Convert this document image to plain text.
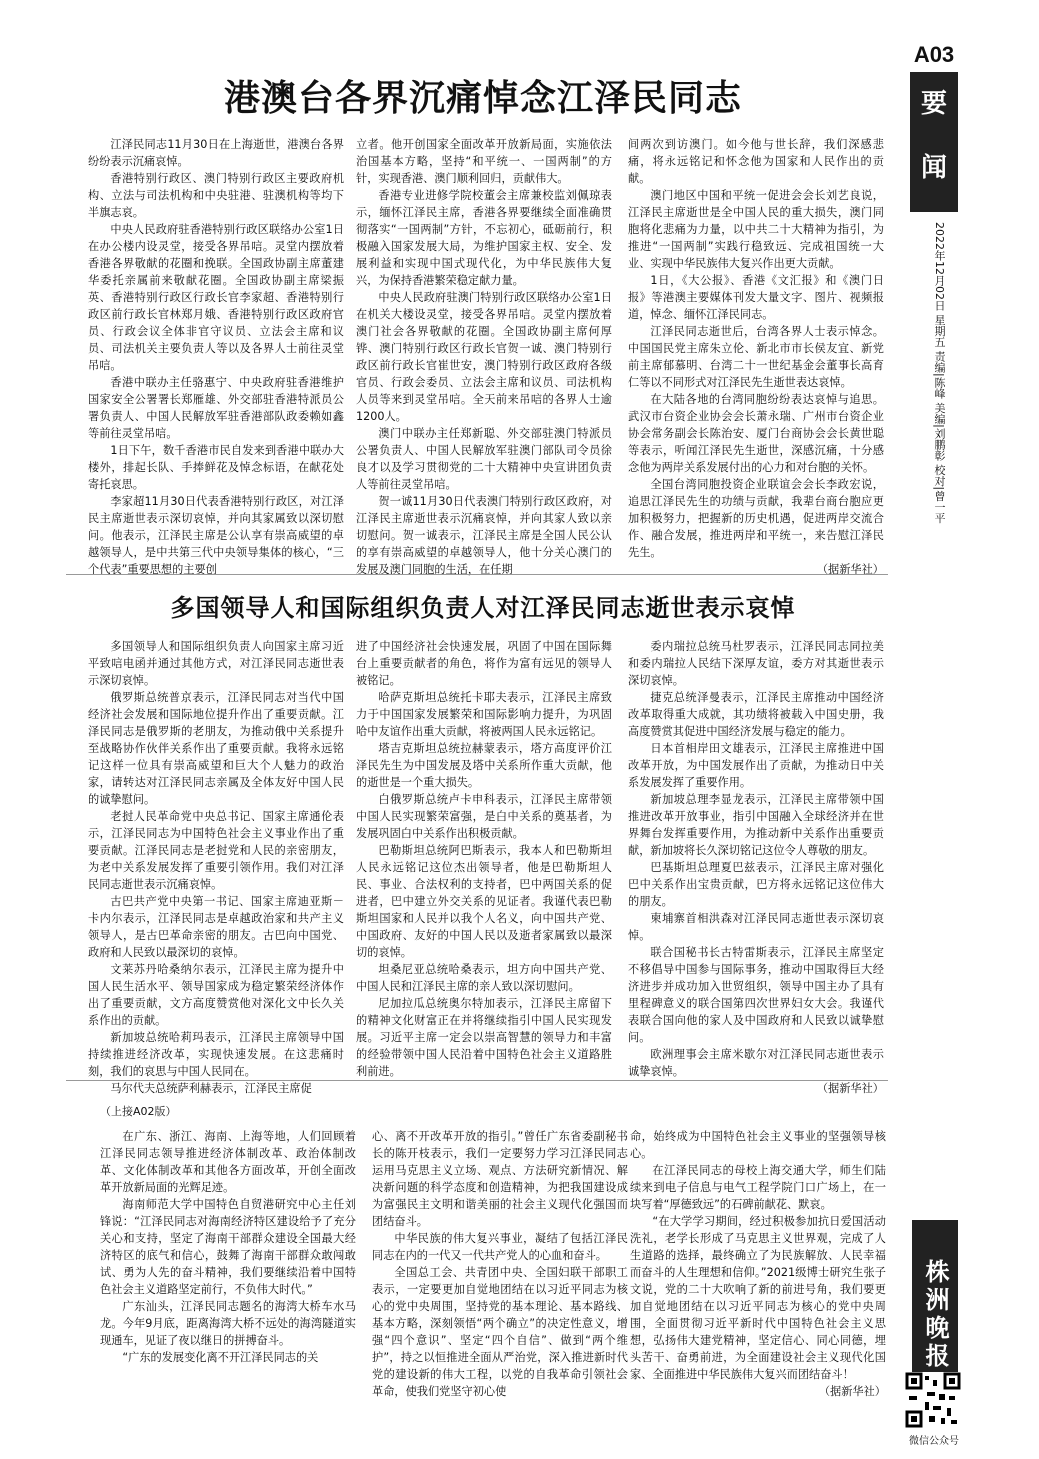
A03
要闻
2022年12月02日 星期五 责编|陈峰 美编|刘鹏彰 校对|曾一平
港澳台各界沉痛悼念江泽民同志

江泽民同志11月30日在上海逝世，港澳台各界纷纷表示沉痛哀悼。

香港特别行政区、澳门特别行政区主要政府机构、立法与司法机构和中央驻港、驻澳机构等均下半旗志哀。

中央人民政府驻香港特别行政区联络办公室1日在办公楼内设灵堂，接受各界吊唁。灵堂内摆放着香港各界敬献的花圈和挽联。全国政协副主席董建华委托亲属前来敬献花圈。全国政协副主席梁振英、香港特别行政区行政长官李家超、香港特别行政区前行政长官林郑月娥、香港特别行政区政府官员、行政会议全体非官守议员、立法会主席和议员、司法机关主要负责人等以及各界人士前往灵堂吊唁。

香港中联办主任骆惠宁、中央政府驻香港维护国家安全公署署长郑雁雄、外交部驻香港特派员公署负责人、中国人民解放军驻香港部队政委赖如鑫等前往灵堂吊唁。

1日下午，数千香港市民自发来到香港中联办大楼外，排起长队、手捧鲜花及悼念标语，在献花处寄托哀思。

李家超11月30日代表香港特别行政区，对江泽民主席逝世表示深切哀悼，并向其家属致以深切慰问。他表示，江泽民主席是公认享有崇高威望的卓越领导人，是中共第三代中央领导集体的核心，“三个代表”重要思想的主要创

立者。他开创国家全面改革开放新局面，实施依法治国基本方略，坚持“和平统一、一国两制”的方针，实现香港、澳门顺利回归，贡献伟大。

香港专业进修学院校董会主席兼校监刘佩琼表示，缅怀江泽民主席，香港各界要继续全面准确贯彻落实“一国两制”方针，不忘初心，砥砺前行，积极融入国家发展大局，为维护国家主权、安全、发展利益和实现中国式现代化，为中华民族伟大复兴，为保持香港繁荣稳定献力量。

中央人民政府驻澳门特别行政区联络办公室1日在机关大楼设灵堂，接受各界吊唁。灵堂内摆放着澳门社会各界敬献的花圈。全国政协副主席何厚铧、澳门特别行政区行政长官贺一诚、澳门特别行政区前行政长官崔世安，澳门特别行政区政府各级官员、行政会委员、立法会主席和议员、司法机构人员等来到灵堂吊唁。全天前来吊唁的各界人士逾1200人。

澳门中联办主任郑新聪、外交部驻澳门特派员公署负责人、中国人民解放军驻澳门部队司令员徐良才以及学习贯彻党的二十大精神中央宣讲团负责人等前往灵堂吊唁。

贺一诚11月30日代表澳门特别行政区政府，对江泽民主席逝世表示沉痛哀悼，并向其家人致以亲切慰问。贺一诚表示，江泽民主席是全国人民公认的享有崇高威望的卓越领导人，他十分关心澳门的发展及澳门同胞的生活，在任期

间两次到访澳门。如今他与世长辞，我们深感悲痛，将永远铭记和怀念他为国家和人民作出的贡献。

澳门地区中国和平统一促进会会长刘艺良说，江泽民主席逝世是全中国人民的重大损失，澳门同胞将化悲痛为力量，以中共二十大精神为指引，为推进“一国两制”实践行稳致远、完成祖国统一大业、实现中华民族伟大复兴作出更大贡献。

1日，《大公报》、香港《文汇报》和《澳门日报》等港澳主要媒体刊发大量文字、图片、视频报道，悼念、缅怀江泽民同志。

江泽民同志逝世后，台湾各界人士表示悼念。中国国民党主席朱立伦、新北市市长侯友宜、新党前主席郁慕明、台湾二十一世纪基金会董事长高育仁等以不同形式对江泽民先生逝世表达哀悼。

在大陆各地的台湾同胞纷纷表达哀悼与追思。武汉市台资企业协会会长萧永瑞、广州市台资企业协会常务副会长陈治安、厦门台商协会会长黄世聪等表示，听闻江泽民先生逝世，深感沉痛，十分感念他为两岸关系发展付出的心力和对台胞的关怀。

全国台湾同胞投资企业联谊会会长李政宏说，追思江泽民先生的功绩与贡献，我辈台商台胞应更加积极努力，把握新的历史机遇，促进两岸交流合作、融合发展，推进两岸和平统一，来告慰江泽民先生。

（据新华社）

多国领导人和国际组织负责人对江泽民同志逝世表示哀悼

多国领导人和国际组织负责人向国家主席习近平致唁电函并通过其他方式，对江泽民同志逝世表示深切哀悼。

俄罗斯总统普京表示，江泽民同志对当代中国经济社会发展和国际地位提升作出了重要贡献。江泽民同志是俄罗斯的老朋友，为推动俄中关系提升至战略协作伙伴关系作出了重要贡献。我将永远铭记这样一位具有崇高威望和巨大个人魅力的政治家，请转达对江泽民同志亲属及全体友好中国人民的诚挚慰问。

老挝人民革命党中央总书记、国家主席通伦表示，江泽民同志为中国特色社会主义事业作出了重要贡献。江泽民同志是老挝党和人民的亲密朋友，为老中关系发展发挥了重要引领作用。我们对江泽民同志逝世表示沉痛哀悼。

古巴共产党中央第一书记、国家主席迪亚斯－卡内尔表示，江泽民同志是卓越政治家和共产主义领导人，是古巴革命亲密的朋友。古巴向中国党、政府和人民致以最深切的哀悼。

文莱苏丹哈桑纳尔表示，江泽民主席为提升中国人民生活水平、领导国家成为稳定繁荣经济体作出了重要贡献，文方高度赞赏他对深化文中长久关系作出的贡献。

新加坡总统哈莉玛表示，江泽民主席领导中国持续推进经济改革，实现快速发展。在这悲痛时刻，我们的哀思与中国人民同在。

马尔代夫总统萨利赫表示，江泽民主席促

进了中国经济社会快速发展，巩固了中国在国际舞台上重要贡献者的角色，将作为富有远见的领导人被铭记。

哈萨克斯坦总统托卡耶夫表示，江泽民主席致力于中国国家发展繁荣和国际影响力提升，为巩固哈中友谊作出重大贡献，将被两国人民永远铭记。

塔吉克斯坦总统拉赫蒙表示，塔方高度评价江泽民先生为中国发展及塔中关系所作重大贡献，他的逝世是一个重大损失。

白俄罗斯总统卢卡申科表示，江泽民主席带领中国人民实现繁荣富强，是白中关系的奠基者，为发展巩固白中关系作出积极贡献。

巴勒斯坦总统阿巴斯表示，我本人和巴勒斯坦人民永远铭记这位杰出领导者，他是巴勒斯坦人民、事业、合法权利的支持者，巴中两国关系的促进者，巴中建立外交关系的见证者。我谨代表巴勒斯坦国家和人民并以我个人名义，向中国共产党、中国政府、友好的中国人民以及逝者家属致以最深切的哀悼。

坦桑尼亚总统哈桑表示，坦方向中国共产党、中国人民和江泽民主席的亲人致以深切慰问。

尼加拉瓜总统奥尔特加表示，江泽民主席留下的精神文化财富正在并将继续指引中国人民实现发展。习近平主席一定会以崇高智慧的领导力和丰富的经验带领中国人民沿着中国特色社会主义道路胜利前进。

委内瑞拉总统马杜罗表示，江泽民同志同拉美和委内瑞拉人民结下深厚友谊，委方对其逝世表示深切哀悼。

捷克总统泽曼表示，江泽民主席推动中国经济改革取得重大成就，其功绩将被载入中国史册，我高度赞赏其促进中国经济发展与稳定的能力。

日本首相岸田文雄表示，江泽民主席推进中国改革开放，为中国发展作出了贡献，为推动日中关系发展发挥了重要作用。

新加坡总理李显龙表示，江泽民主席带领中国推进改革开放事业，指引中国融入全球经济并在世界舞台发挥重要作用，为推动新中关系作出重要贡献，新加坡将长久深切铭记这位令人尊敬的朋友。

巴基斯坦总理夏巴兹表示，江泽民主席对强化巴中关系作出宝贵贡献，巴方将永远铭记这位伟大的朋友。

柬埔寨首相洪森对江泽民同志逝世表示深切哀悼。

联合国秘书长古特雷斯表示，江泽民主席坚定不移倡导中国参与国际事务，推动中国取得巨大经济进步并成功加入世贸组织，领导中国主办了具有里程碑意义的联合国第四次世界妇女大会。我谨代表联合国向他的家人及中国政府和人民致以诚挚慰问。

欧洲理事会主席米歇尔对江泽民同志逝世表示诚挚哀悼。

（据新华社）

（上接A02版）

在广东、浙江、海南、上海等地，人们回顾着江泽民同志领导推进经济体制改革、政治体制改革、文化体制改革和其他各方面改革，开创全面改革开放新局面的光辉足迹。

海南师范大学中国特色自贸港研究中心主任刘锋说：“江泽民同志对海南经济特区建设给予了充分关心和支持，坚定了海南干部群众建设全国最大经济特区的底气和信心，鼓舞了海南干部群众敢闯敢试、勇为人先的奋斗精神，我们要继续沿着中国特色社会主义道路坚定前行，不负伟大时代。”

广东汕头，江泽民同志题名的海湾大桥车水马龙。今年9月底，距离海湾大桥不远处的海湾隧道实现通车，见证了夜以继日的拼搏奋斗。

“广东的发展变化离不开江泽民同志的关

心、离不开改革开放的指引。”曾任广东省委副秘书长的陈开枝表示，我们一定要努力学习江泽民同志运用马克思主义立场、观点、方法研究新情况、解决新问题的科学态度和创造精神，为把我国建设成为富强民主文明和谐美丽的社会主义现代化强国而团结奋斗。

中华民族的伟大复兴事业，凝结了包括江泽民同志在内的一代又一代共产党人的心血和奋斗。

全国总工会、共青团中央、全国妇联干部职工表示，一定要更加自觉地团结在以习近平同志为核心的党中央周围，坚持党的基本理论、基本路线、基本方略，深刻领悟“两个确立”的决定性意义，增强“四个意识”、坚定“四个自信”、做到“两个维护”，持之以恒推进全面从严治党，深入推进新时代党的建设新的伟大工程，以党的自我革命引领社会革命，使我们党坚守初心使

命，始终成为中国特色社会主义事业的坚强领导核心。

在江泽民同志的母校上海交通大学，师生们陆续来到电子信息与电气工程学院门口广场上，在一块写着“厚德致远”的石碑前献花、默哀。

“在大学学习期间，经过积极参加抗日爱国活动洗礼，老学长形成了马克思主义世界观，完成了人生道路的选择，最终确立了为民族解放、人民幸福而奋斗的人生理想和信仰。”2021级博士研究生张子文说，党的二十大吹响了新的前进号角，我们要更加自觉地团结在以习近平同志为核心的党中央周围，全面贯彻习近平新时代中国特色社会主义思想，弘扬伟大建党精神，坚定信心、同心同德，埋头苦干、奋勇前进，为全面建设社会主义现代化国家、全面推进中华民族伟大复兴而团结奋斗！

（据新华社）

株洲晚报
微信公众号
